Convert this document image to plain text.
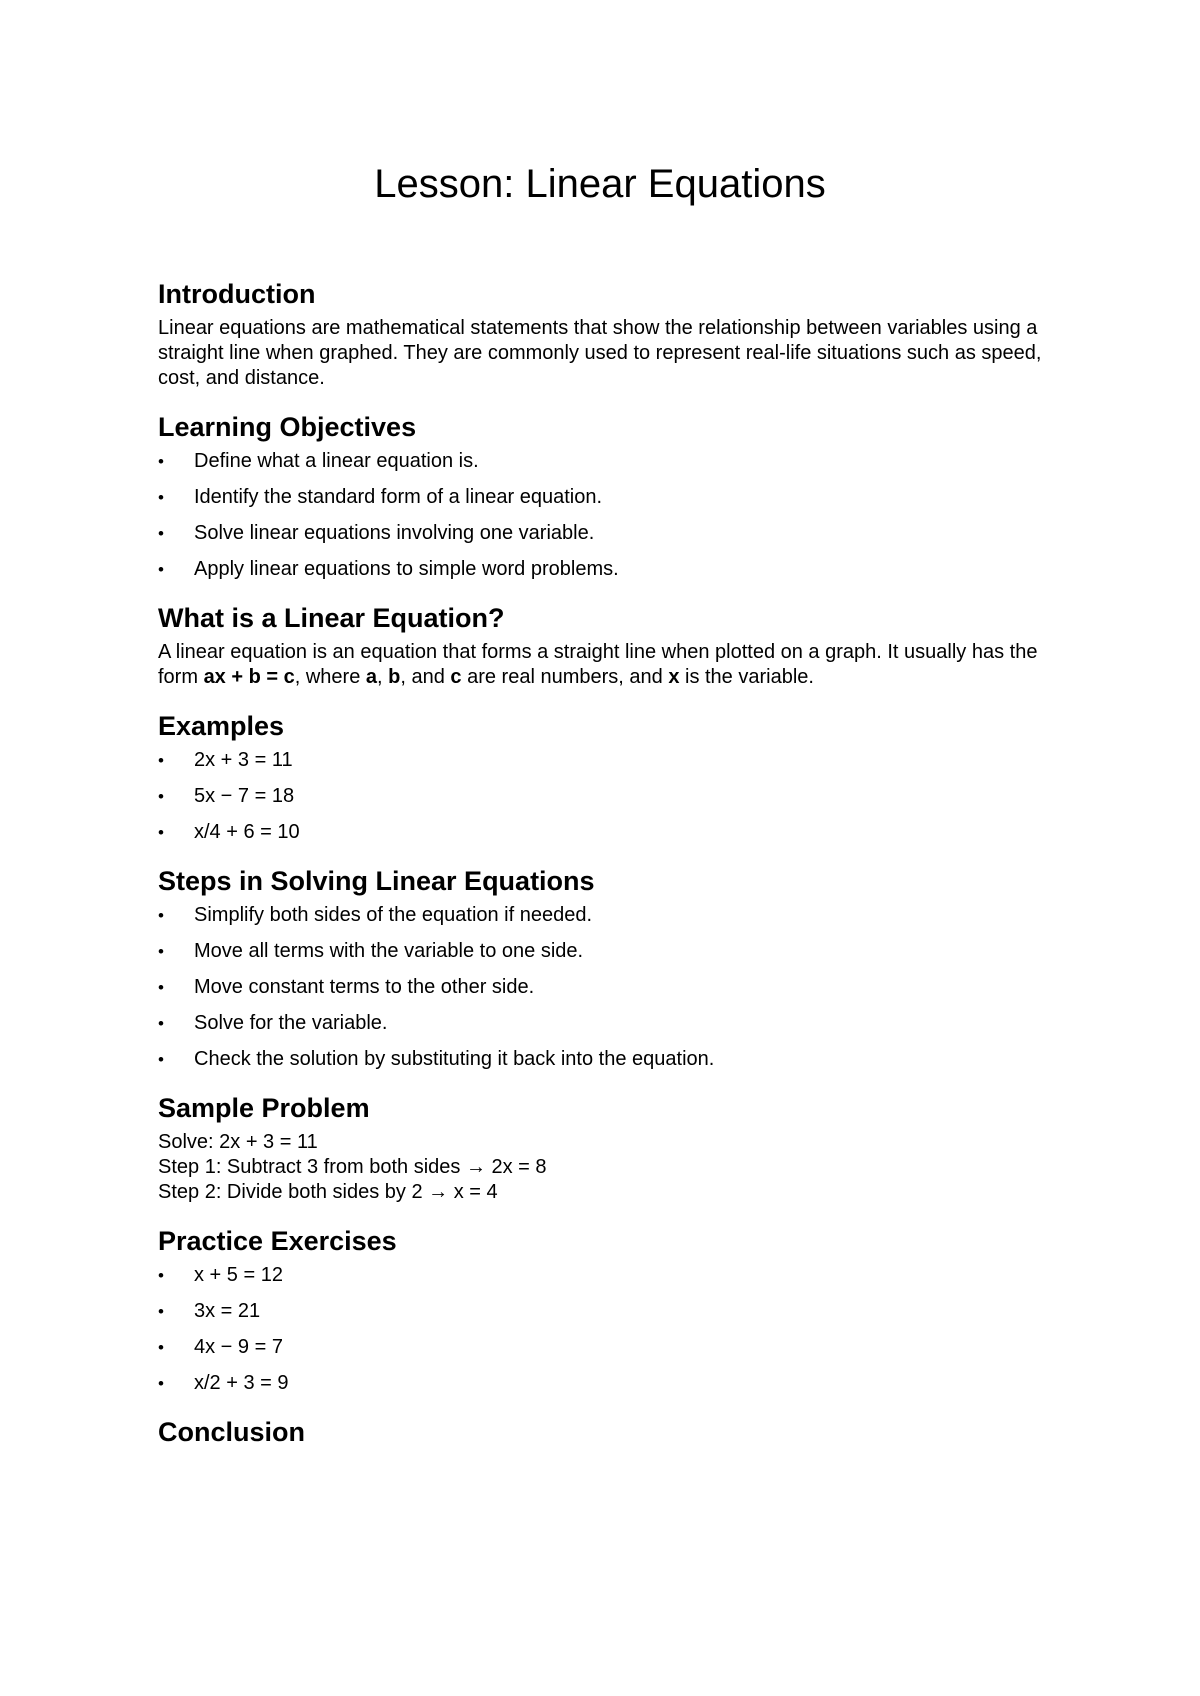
Lesson: Linear Equations
Introduction

Linear equations are mathematical statements that show the relationship between variables using a straight line when graphed. They are commonly used to represent real-life situations such as speed, cost, and distance.

Learning Objectives
• Define what a linear equation is.
• Identify the standard form of a linear equation.
• Solve linear equations involving one variable.
• Apply linear equations to simple word problems.
What is a Linear Equation?

A linear equation is an equation that forms a straight line when plotted on a graph. It usually has the form ax + b = c, where a, b, and c are real numbers, and x is the variable.

Examples
• 2x + 3 = 11
• 5x − 7 = 18
• x/4 + 6 = 10
Steps in Solving Linear Equations
• Simplify both sides of the equation if needed.
• Move all terms with the variable to one side.
• Move constant terms to the other side.
• Solve for the variable.
• Check the solution by substituting it back into the equation.
Sample Problem
Solve: 2x + 3 = 11
Step 1: Subtract 3 from both sides → 2x = 8
Step 2: Divide both sides by 2 → x = 4
Practice Exercises
• x + 5 = 12
• 3x = 21
• 4x − 9 = 7
• x/2 + 3 = 9
Conclusion
